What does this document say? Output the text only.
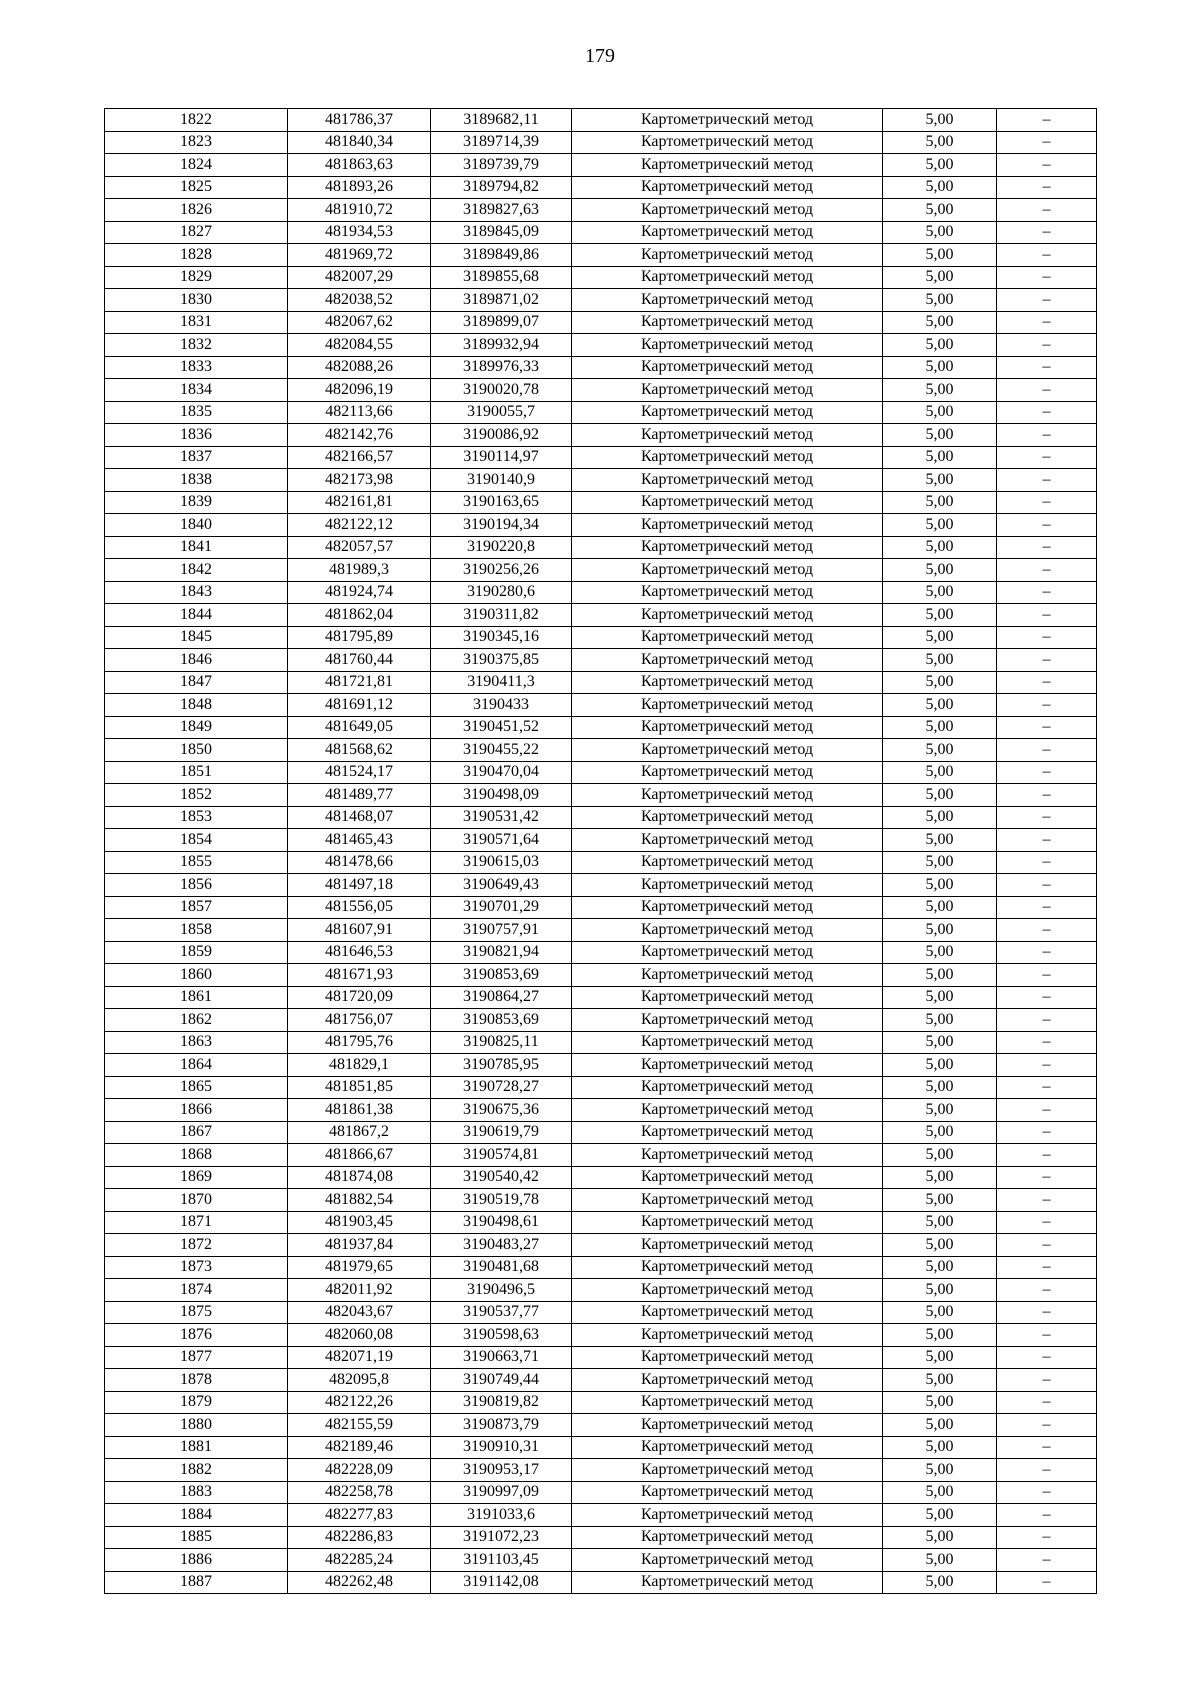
179
1822	481786,37	3189682,11	Картометрический метод	5,00	–
1823	481840,34	3189714,39	Картометрический метод	5,00	–
1824	481863,63	3189739,79	Картометрический метод	5,00	–
1825	481893,26	3189794,82	Картометрический метод	5,00	–
1826	481910,72	3189827,63	Картометрический метод	5,00	–
1827	481934,53	3189845,09	Картометрический метод	5,00	–
1828	481969,72	3189849,86	Картометрический метод	5,00	–
1829	482007,29	3189855,68	Картометрический метод	5,00	–
1830	482038,52	3189871,02	Картометрический метод	5,00	–
1831	482067,62	3189899,07	Картометрический метод	5,00	–
1832	482084,55	3189932,94	Картометрический метод	5,00	–
1833	482088,26	3189976,33	Картометрический метод	5,00	–
1834	482096,19	3190020,78	Картометрический метод	5,00	–
1835	482113,66	3190055,7	Картометрический метод	5,00	–
1836	482142,76	3190086,92	Картометрический метод	5,00	–
1837	482166,57	3190114,97	Картометрический метод	5,00	–
1838	482173,98	3190140,9	Картометрический метод	5,00	–
1839	482161,81	3190163,65	Картометрический метод	5,00	–
1840	482122,12	3190194,34	Картометрический метод	5,00	–
1841	482057,57	3190220,8	Картометрический метод	5,00	–
1842	481989,3	3190256,26	Картометрический метод	5,00	–
1843	481924,74	3190280,6	Картометрический метод	5,00	–
1844	481862,04	3190311,82	Картометрический метод	5,00	–
1845	481795,89	3190345,16	Картометрический метод	5,00	–
1846	481760,44	3190375,85	Картометрический метод	5,00	–
1847	481721,81	3190411,3	Картометрический метод	5,00	–
1848	481691,12	3190433	Картометрический метод	5,00	–
1849	481649,05	3190451,52	Картометрический метод	5,00	–
1850	481568,62	3190455,22	Картометрический метод	5,00	–
1851	481524,17	3190470,04	Картометрический метод	5,00	–
1852	481489,77	3190498,09	Картометрический метод	5,00	–
1853	481468,07	3190531,42	Картометрический метод	5,00	–
1854	481465,43	3190571,64	Картометрический метод	5,00	–
1855	481478,66	3190615,03	Картометрический метод	5,00	–
1856	481497,18	3190649,43	Картометрический метод	5,00	–
1857	481556,05	3190701,29	Картометрический метод	5,00	–
1858	481607,91	3190757,91	Картометрический метод	5,00	–
1859	481646,53	3190821,94	Картометрический метод	5,00	–
1860	481671,93	3190853,69	Картометрический метод	5,00	–
1861	481720,09	3190864,27	Картометрический метод	5,00	–
1862	481756,07	3190853,69	Картометрический метод	5,00	–
1863	481795,76	3190825,11	Картометрический метод	5,00	–
1864	481829,1	3190785,95	Картометрический метод	5,00	–
1865	481851,85	3190728,27	Картометрический метод	5,00	–
1866	481861,38	3190675,36	Картометрический метод	5,00	–
1867	481867,2	3190619,79	Картометрический метод	5,00	–
1868	481866,67	3190574,81	Картометрический метод	5,00	–
1869	481874,08	3190540,42	Картометрический метод	5,00	–
1870	481882,54	3190519,78	Картометрический метод	5,00	–
1871	481903,45	3190498,61	Картометрический метод	5,00	–
1872	481937,84	3190483,27	Картометрический метод	5,00	–
1873	481979,65	3190481,68	Картометрический метод	5,00	–
1874	482011,92	3190496,5	Картометрический метод	5,00	–
1875	482043,67	3190537,77	Картометрический метод	5,00	–
1876	482060,08	3190598,63	Картометрический метод	5,00	–
1877	482071,19	3190663,71	Картометрический метод	5,00	–
1878	482095,8	3190749,44	Картометрический метод	5,00	–
1879	482122,26	3190819,82	Картометрический метод	5,00	–
1880	482155,59	3190873,79	Картометрический метод	5,00	–
1881	482189,46	3190910,31	Картометрический метод	5,00	–
1882	482228,09	3190953,17	Картометрический метод	5,00	–
1883	482258,78	3190997,09	Картометрический метод	5,00	–
1884	482277,83	3191033,6	Картометрический метод	5,00	–
1885	482286,83	3191072,23	Картометрический метод	5,00	–
1886	482285,24	3191103,45	Картометрический метод	5,00	–
1887	482262,48	3191142,08	Картометрический метод	5,00	–
